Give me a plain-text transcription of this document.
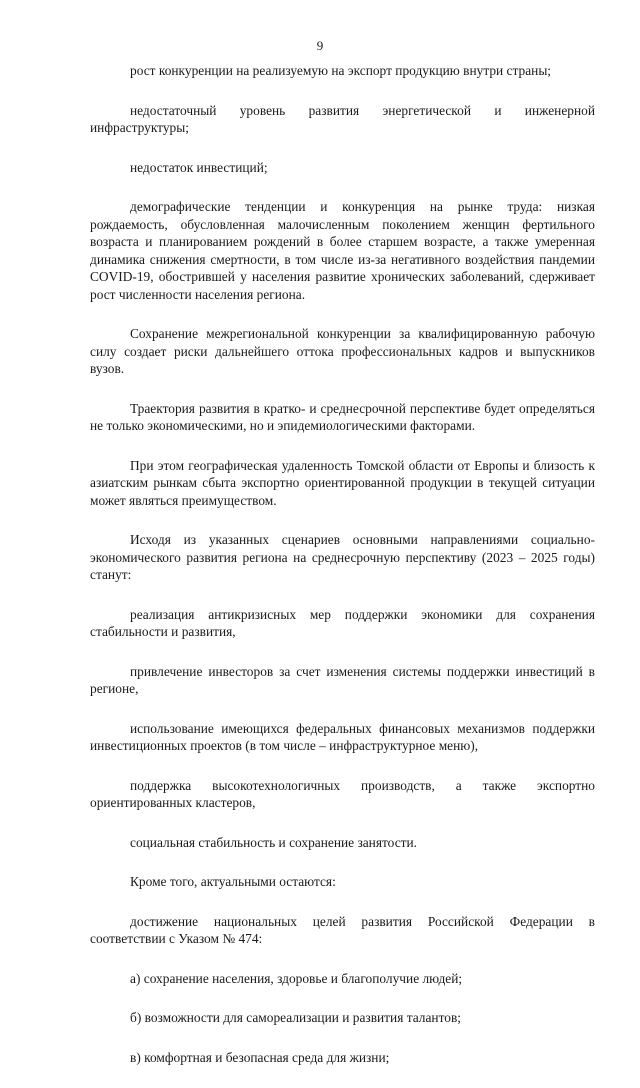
9

рост конкуренции на реализуемую на экспорт продукцию внутри страны;

недостаточный уровень развития энергетической и инженерной инфраструктуры;

недостаток инвестиций;

демографические тенденции и конкуренция на рынке труда: низкая рождаемость, обусловленная малочисленным поколением женщин фертильного возраста и планированием рождений в более старшем возрасте, а также умеренная динамика снижения смертности, в том числе из-за негативного воздействия пандемии COVID-19, обострившей у населения развитие хронических заболеваний, сдерживает рост численности населения региона.

Сохранение межрегиональной конкуренции за квалифицированную рабочую силу создает риски дальнейшего оттока профессиональных кадров и выпускников вузов.

Траектория развития в кратко- и среднесрочной перспективе будет определяться не только экономическими, но и эпидемиологическими факторами.

При этом географическая удаленность Томской области от Европы и близость к азиатским рынкам сбыта экспортно ориентированной продукции в текущей ситуации может являться преимуществом.

Исходя из указанных сценариев основными направлениями социально-экономического развития региона на среднесрочную перспективу (2023 – 2025 годы) станут:

реализация антикризисных мер поддержки экономики для сохранения стабильности и развития,

привлечение инвесторов за счет изменения системы поддержки инвестиций в регионе,

использование имеющихся федеральных финансовых механизмов поддержки инвестиционных проектов (в том числе – инфраструктурное меню),

поддержка высокотехнологичных производств, а также экспортно ориентированных кластеров,

социальная стабильность и сохранение занятости.

Кроме того, актуальными остаются:

достижение национальных целей развития Российской Федерации в соответствии с Указом № 474:

а) сохранение населения, здоровье и благополучие людей;

б) возможности для самореализации и развития талантов;

в) комфортная и безопасная среда для жизни;
